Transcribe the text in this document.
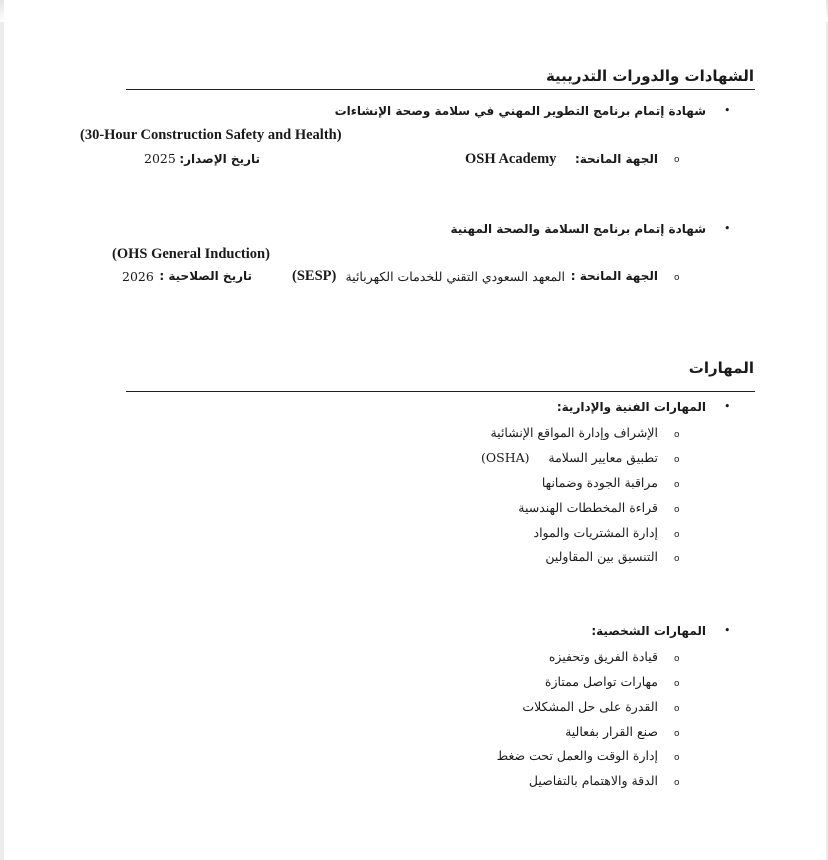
الشهادات والدورات التدريبية
•
شهادة إتمام برنامج التطوير المهني في سلامة وصحة الإنشاءات
(30-Hour Construction Safety and Health)
o
الجهة المانحة:
OSH Academy
تاريخ الإصدار:
2025
•
شهادة إتمام برنامج السلامة والصحة المهنية
(OHS General Induction)
o
الجهة المانحة :
المعهد السعودي التقني للخدمات الكهربائية
(SESP)
تاريخ الصلاحية :
2026
المهارات
•
المهارات الفنية والإدارية:
o
الإشراف وإدارة المواقع الإنشائية
o
تطبيق معايير السلامة
(OSHA)
o
مراقبة الجودة وضمانها
o
قراءة المخططات الهندسية
o
إدارة المشتريات والمواد
o
التنسيق بين المقاولين
•
المهارات الشخصية:
o
قيادة الفريق وتحفيزه
o
مهارات تواصل ممتازة
o
القدرة على حل المشكلات
o
صنع القرار بفعالية
o
إدارة الوقت والعمل تحت ضغط
o
الدقة والاهتمام بالتفاصيل
